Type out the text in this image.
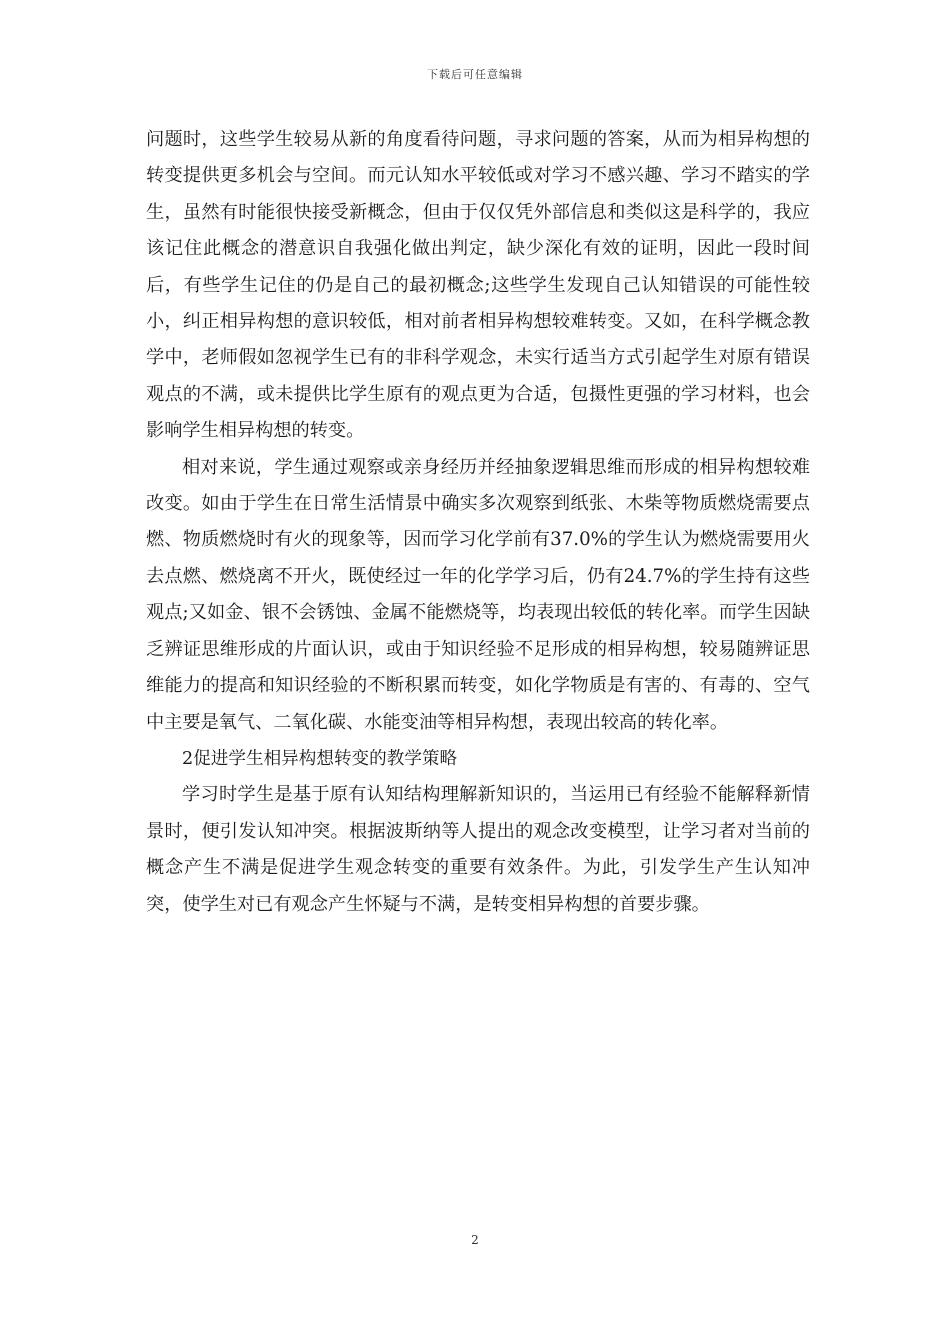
下载后可任意编辑

问题时，这些学生较易从新的角度看待问题，寻求问题的答案，从而为相异构想的转变提供更多机会与空间。而元认知水平较低或对学习不感兴趣、学习不踏实的学生，虽然有时能很快接受新概念，但由于仅仅凭外部信息和类似这是科学的，我应该记住此概念的潜意识自我强化做出判定，缺少深化有效的证明，因此一段时间后，有些学生记住的仍是自己的最初概念;这些学生发现自己认知错误的可能性较小，纠正相异构想的意识较低，相对前者相异构想较难转变。又如，在科学概念教学中，老师假如忽视学生已有的非科学观念，未实行适当方式引起学生对原有错误观点的不满，或未提供比学生原有的观点更为合适，包摄性更强的学习材料，也会影响学生相异构想的转变。

相对来说，学生通过观察或亲身经历并经抽象逻辑思维而形成的相异构想较难改变。如由于学生在日常生活情景中确实多次观察到纸张、木柴等物质燃烧需要点燃、物质燃烧时有火的现象等，因而学习化学前有37.0%的学生认为燃烧需要用火去点燃、燃烧离不开火，既使经过一年的化学学习后，仍有24.7%的学生持有这些观点;又如金、银不会锈蚀、金属不能燃烧等，均表现出较低的转化率。而学生因缺乏辨证思维形成的片面认识，或由于知识经验不足形成的相异构想，较易随辨证思维能力的提高和知识经验的不断积累而转变，如化学物质是有害的、有毒的、空气中主要是氧气、二氧化碳、水能变油等相异构想，表现出较高的转化率。

2促进学生相异构想转变的教学策略

学习时学生是基于原有认知结构理解新知识的，当运用已有经验不能解释新情景时，便引发认知冲突。根据波斯纳等人提出的观念改变模型，让学习者对当前的概念产生不满是促进学生观念转变的重要有效条件。为此，引发学生产生认知冲突，使学生对已有观念产生怀疑与不满，是转变相异构想的首要步骤。

2
